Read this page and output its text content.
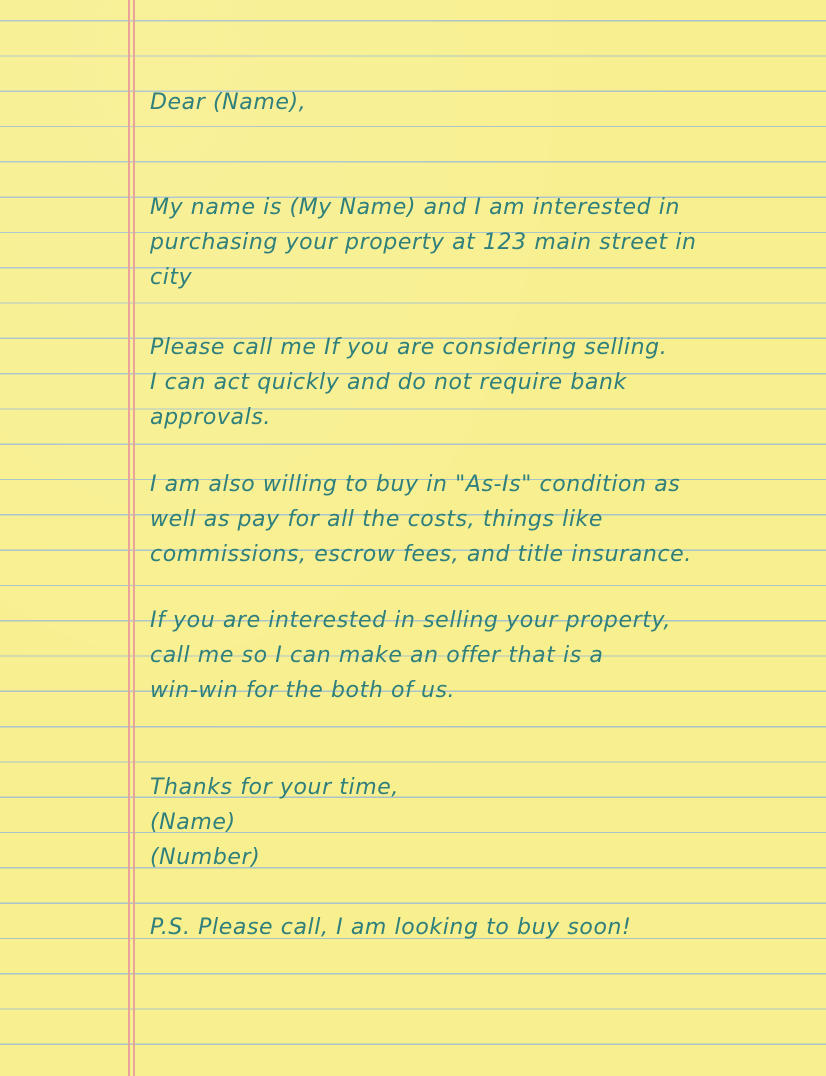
Dear (Name),
My name is (My Name) and I am interested in
purchasing your property at 123 main street in
city
Please call me If you are considering selling.
I can act quickly and do not require bank
approvals.
I am also willing to buy in "As-Is" condition as
well as pay for all the costs, things like
commissions, escrow fees, and title insurance.
If you are interested in selling your property,
call me so I can make an offer that is a
win-win for the both of us.
Thanks for your time,
(Name)
(Number)
P.S. Please call, I am looking to buy soon!
